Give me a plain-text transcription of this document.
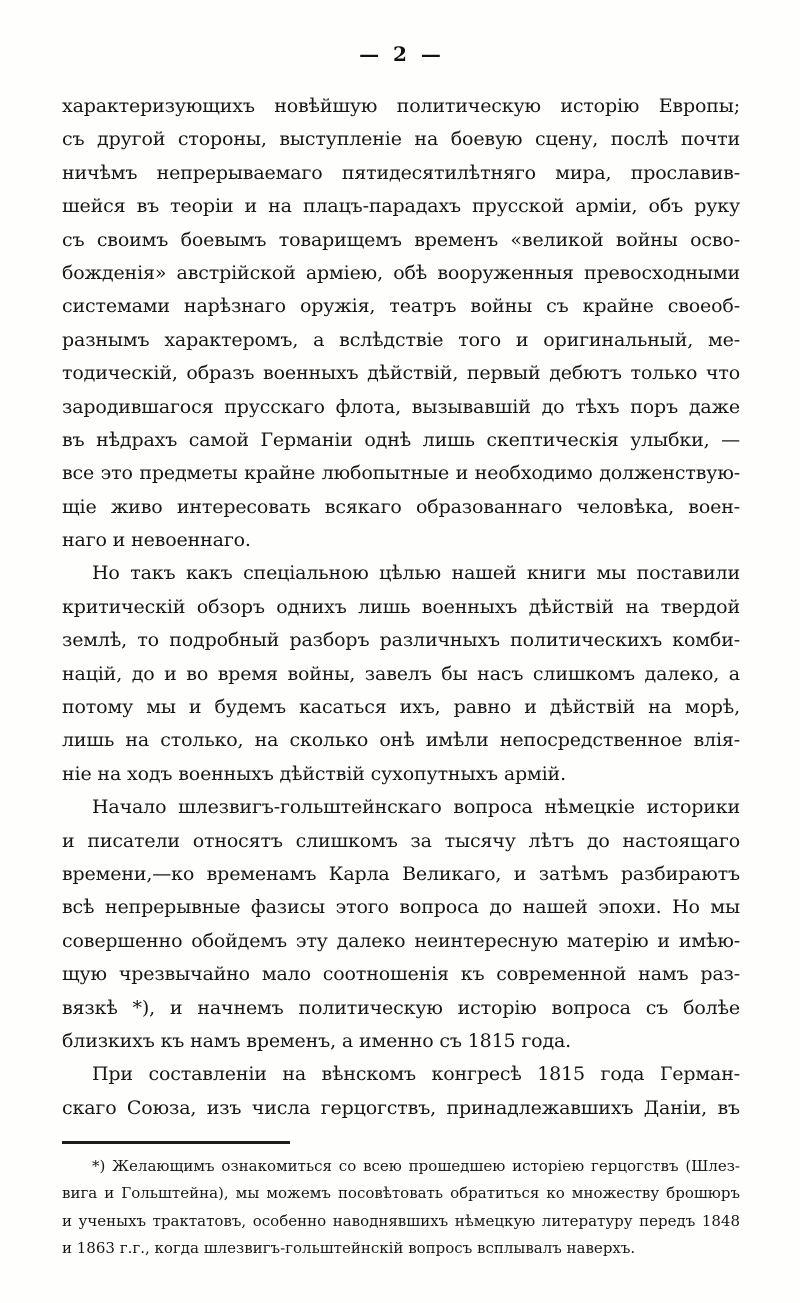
— 2 —
характеризующихъ новѣйшую политическую исторію Европы;
съ другой стороны, выступленіе на боевую сцену, послѣ почти
ничѣмъ непрерываемаго пятидесятилѣтняго мира, прославив-
шейся въ теоріи и на плацъ-парадахъ прусской арміи, объ руку
съ своимъ боевымъ товарищемъ временъ «великой войны осво-
божденія» австрійской арміею, обѣ вооруженныя превосходными
системами нарѣзнаго оружія, театръ войны съ крайне своеоб-
разнымъ характеромъ, а вслѣдствіе того и оригинальный, ме-
тодическій, образъ военныхъ дѣйствій, первый дебютъ только что
зародившагося прусскаго флота, вызывавшій до тѣхъ поръ даже
въ нѣдрахъ самой Германіи однѣ лишь скептическія улыбки, —
все это предметы крайне любопытные и необходимо долженствую-
щіе живо интересовать всякаго образованнаго человѣка, воен-
наго и невоеннаго.
Но такъ какъ спеціальною цѣлью нашей книги мы поставили
критическій обзоръ однихъ лишь военныхъ дѣйствій на твердой
землѣ, то подробный разборъ различныхъ политическихъ комби-
націй, до и во время войны, завелъ бы насъ слишкомъ далеко, а
потому мы и будемъ касаться ихъ, равно и дѣйствій на морѣ,
лишь на столько, на сколько онѣ имѣли непосредственное влія-
ніе на ходъ военныхъ дѣйствій сухопутныхъ армій.
Начало шлезвигъ-гольштейнскаго вопроса нѣмецкіе историки
и писатели относятъ слишкомъ за тысячу лѣтъ до настоящаго
времени,—ко временамъ Карла Великаго, и затѣмъ разбираютъ
всѣ непрерывные фазисы этого вопроса до нашей эпохи. Но мы
совершенно обойдемъ эту далеко неинтересную матерію и имѣю-
щую чрезвычайно мало соотношенія къ современной намъ раз-
вязкѣ *), и начнемъ политическую исторію вопроса съ болѣе
близкихъ къ намъ временъ, а именно съ 1815 года.
При составленіи на вѣнскомъ конгресѣ 1815 года Герман-
скаго Союза, изъ числа герцогствъ, принадлежавшихъ Даніи, въ
*) Желающимъ ознакомиться со всею прошедшею исторіею герцогствъ (Шлез-
вига и Гольштейна), мы можемъ посовѣтовать обратиться ко множеству брошюръ
и ученыхъ трактатовъ, особенно наводнявшихъ нѣмецкую литературу передъ 1848
и 1863 г.г., когда шлезвигъ-гольштейнскій вопросъ всплывалъ наверхъ.
